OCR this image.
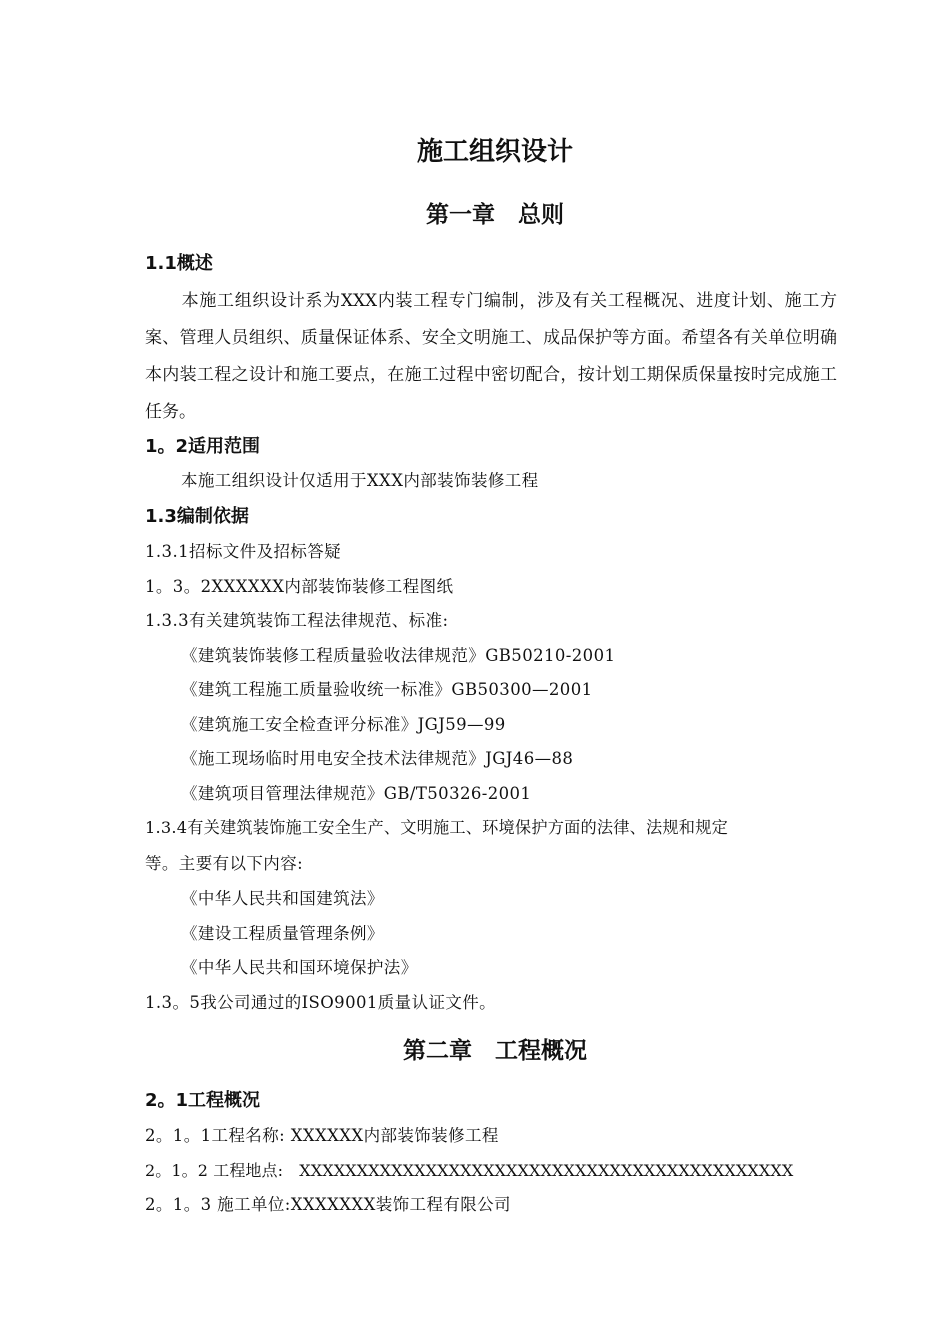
施工组织设计
第一章　总则
1.1概述
本施工组织设计系为XXX内装工程专门编制，涉及有关工程概况、进度计划、施工方案、管理人员组织、质量保证体系、安全文明施工、成品保护等方面。希望各有关单位明确本内装工程之设计和施工要点，在施工过程中密切配合，按计划工期保质保量按时完成施工任务。
1。2适用范围
本施工组织设计仅适用于XXX内部装饰装修工程
1.3编制依据
1.3.1招标文件及招标答疑
1。3。2XXXXXX内部装饰装修工程图纸
1.3.3有关建筑装饰工程法律规范、标准:
《建筑装饰装修工程质量验收法律规范》GB50210-2001
《建筑工程施工质量验收统一标准》GB50300—2001
《建筑施工安全检查评分标准》JGJ59—99
《施工现场临时用电安全技术法律规范》JGJ46—88
《建筑项目管理法律规范》GB/T50326-2001
1.3.4有关建筑装饰施工安全生产、文明施工、环境保护方面的法律、法规和规定
等。主要有以下内容:
《中华人民共和国建筑法》
《建设工程质量管理条例》
《中华人民共和国环境保护法》
1.3。5我公司通过的ISO9001质量认证文件。
第二章　工程概况
2。1工程概况
2。1。1工程名称: XXXXXX内部装饰装修工程
2。1。2 工程地点:　XXXXXXXXXXXXXXXXXXXXXXXXXXXXXXXXXXXXXXXXXXX
2。1。3 施工单位:XXXXXXX装饰工程有限公司
